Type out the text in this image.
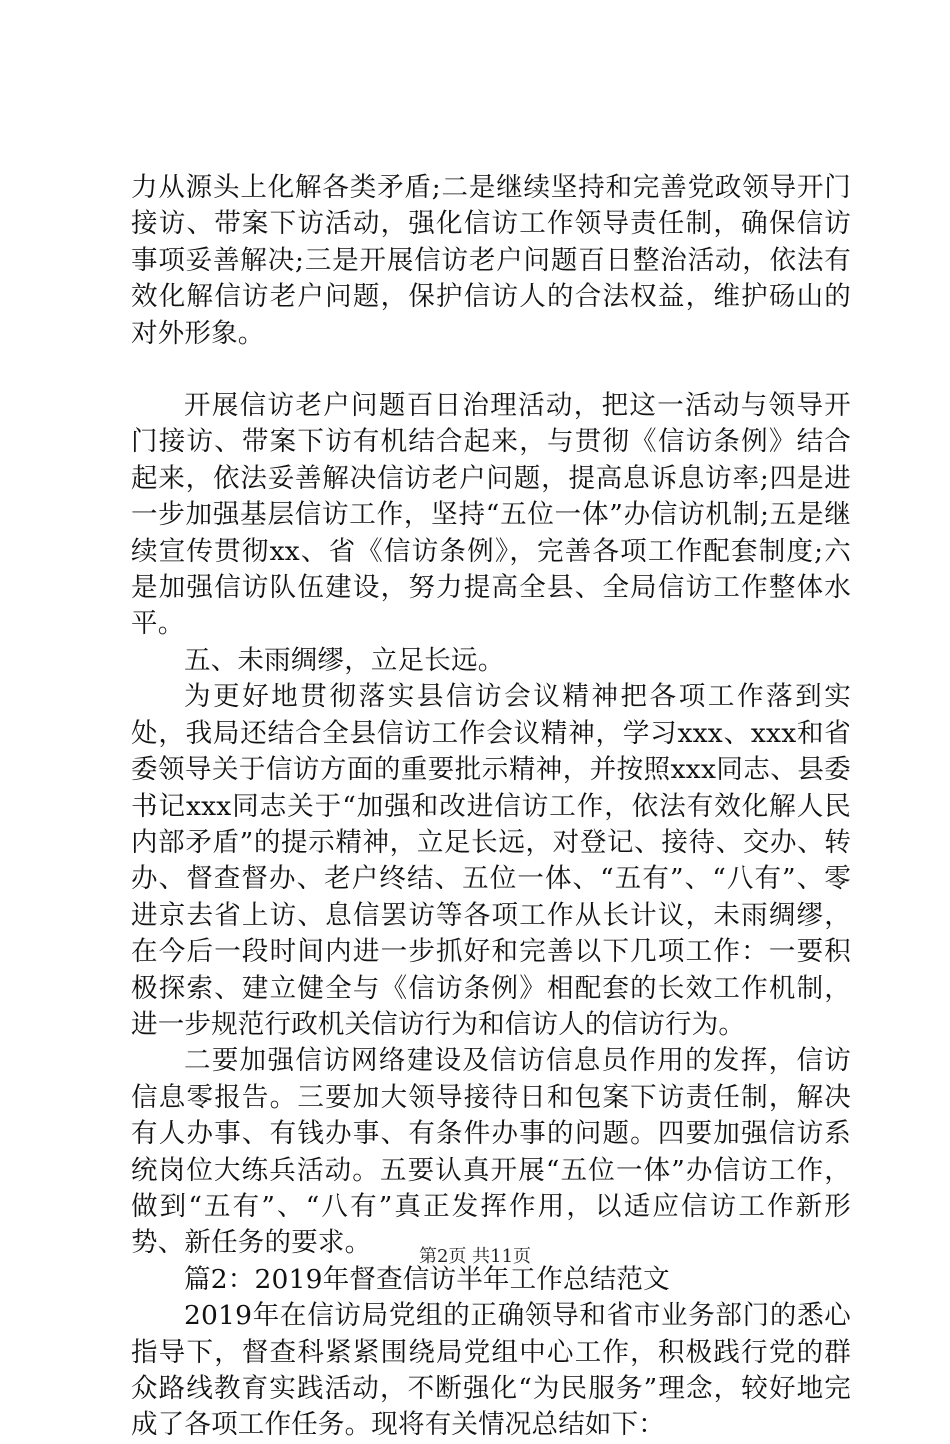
力从源头上化解各类矛盾;二是继续坚持和完善党政领导开门接访、带案下访活动，强化信访工作领导责任制，确保信访事项妥善解决;三是开展信访老户问题百日整治活动，依法有效化解信访老户问题，保护信访人的合法权益，维护砀山的对外形象。

开展信访老户问题百日治理活动，把这一活动与领导开门接访、带案下访有机结合起来，与贯彻《信访条例》结合起来，依法妥善解决信访老户问题，提高息诉息访率;四是进一步加强基层信访工作，坚持“五位一体”办信访机制;五是继续宣传贯彻xx、省《信访条例》，完善各项工作配套制度;六是加强信访队伍建设，努力提高全县、全局信访工作整体水平。

五、未雨绸缪，立足长远。

为更好地贯彻落实县信访会议精神把各项工作落到实处，我局还结合全县信访工作会议精神，学习xxx、xxx和省委领导关于信访方面的重要批示精神，并按照xxx同志、县委书记xxx同志关于“加强和改进信访工作，依法有效化解人民内部矛盾”的提示精神，立足长远，对登记、接待、交办、转办、督查督办、老户终结、五位一体、“五有”、“八有”、零进京去省上访、息信罢访等各项工作从长计议，未雨绸缪，在今后一段时间内进一步抓好和完善以下几项工作：一要积极探索、建立健全与《信访条例》相配套的长效工作机制，进一步规范行政机关信访行为和信访人的信访行为。

二要加强信访网络建设及信访信息员作用的发挥，信访信息零报告。三要加大领导接待日和包案下访责任制，解决有人办事、有钱办事、有条件办事的问题。四要加强信访系统岗位大练兵活动。五要认真开展“五位一体”办信访工作，做到“五有”、“八有”真正发挥作用，以适应信访工作新形势、新任务的要求。

篇2：2019年督查信访半年工作总结范文

2019年在信访局党组的正确领导和省市业务部门的悉心指导下，督查科紧紧围绕局党组中心工作，积极践行党的群众路线教育实践活动，不断强化“为民服务”理念，较好地完成了各项工作任务。现将有关情况总结如下：

第2页 共11页
